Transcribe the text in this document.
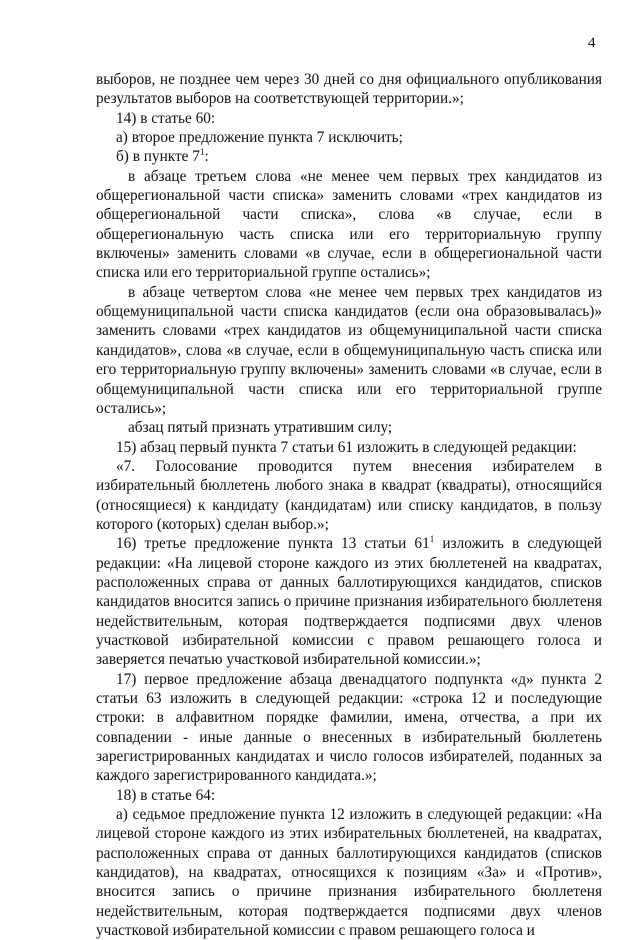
4

выборов, не позднее чем через 30 дней со дня официального опубликования результатов выборов на соответствующей территории.»;

14) в статье 60:

а) второе предложение пункта 7 исключить;

б) в пункте $7^1$:

в абзаце третьем слова «не менее чем первых трех кандидатов из общерегиональной части списка» заменить словами «трех кандидатов из общерегиональной части списка», слова «в случае, если в общерегиональную часть списка или его территориальную группу включены» заменить словами «в случае, если в общерегиональной части списка или его территориальной группе остались»;

в абзаце четвертом слова «не менее чем первых трех кандидатов из общемуниципальной части списка кандидатов (если она образовывалась)» заменить словами «трех кандидатов из общемуниципальной части списка кандидатов», слова «в случае, если в общемуниципальную часть списка или его территориальную группу включены» заменить словами «в случае, если в общемуниципальной части списка или его территориальной группе остались»;

абзац пятый признать утратившим силу;

15) абзац первый пункта 7 статьи 61 изложить в следующей редакции:

«7. Голосование проводится путем внесения избирателем в избирательный бюллетень любого знака в квадрат (квадраты), относящийся (относящиеся) к кандидату (кандидатам) или списку кандидатов, в пользу которого (которых) сделан выбор.»;

16) третье предложение пункта 13 статьи $61^1$ изложить в следующей редакции: «На лицевой стороне каждого из этих бюллетеней на квадратах, расположенных справа от данных баллотирующихся кандидатов, списков кандидатов вносится запись о причине признания избирательного бюллетеня недействительным, которая подтверждается подписями двух членов участковой избирательной комиссии с правом решающего голоса и заверяется печатью участковой избирательной комиссии.»;

17) первое предложение абзаца двенадцатого подпункта «д» пункта 2 статьи 63 изложить в следующей редакции: «строка 12 и последующие строки: в алфавитном порядке фамилии, имена, отчества, а при их совпадении - иные данные о внесенных в избирательный бюллетень зарегистрированных кандидатах и число голосов избирателей, поданных за каждого зарегистрированного кандидата.»;

18) в статье 64:

а) седьмое предложение пункта 12 изложить в следующей редакции: «На лицевой стороне каждого из этих избирательных бюллетеней, на квадратах, расположенных справа от данных баллотирующихся кандидатов (списков кандидатов), на квадратах, относящихся к позициям «За» и «Против», вносится запись о причине признания избирательного бюллетеня недействительным, которая подтверждается подписями двух членов участковой избирательной комиссии с правом решающего голоса и
